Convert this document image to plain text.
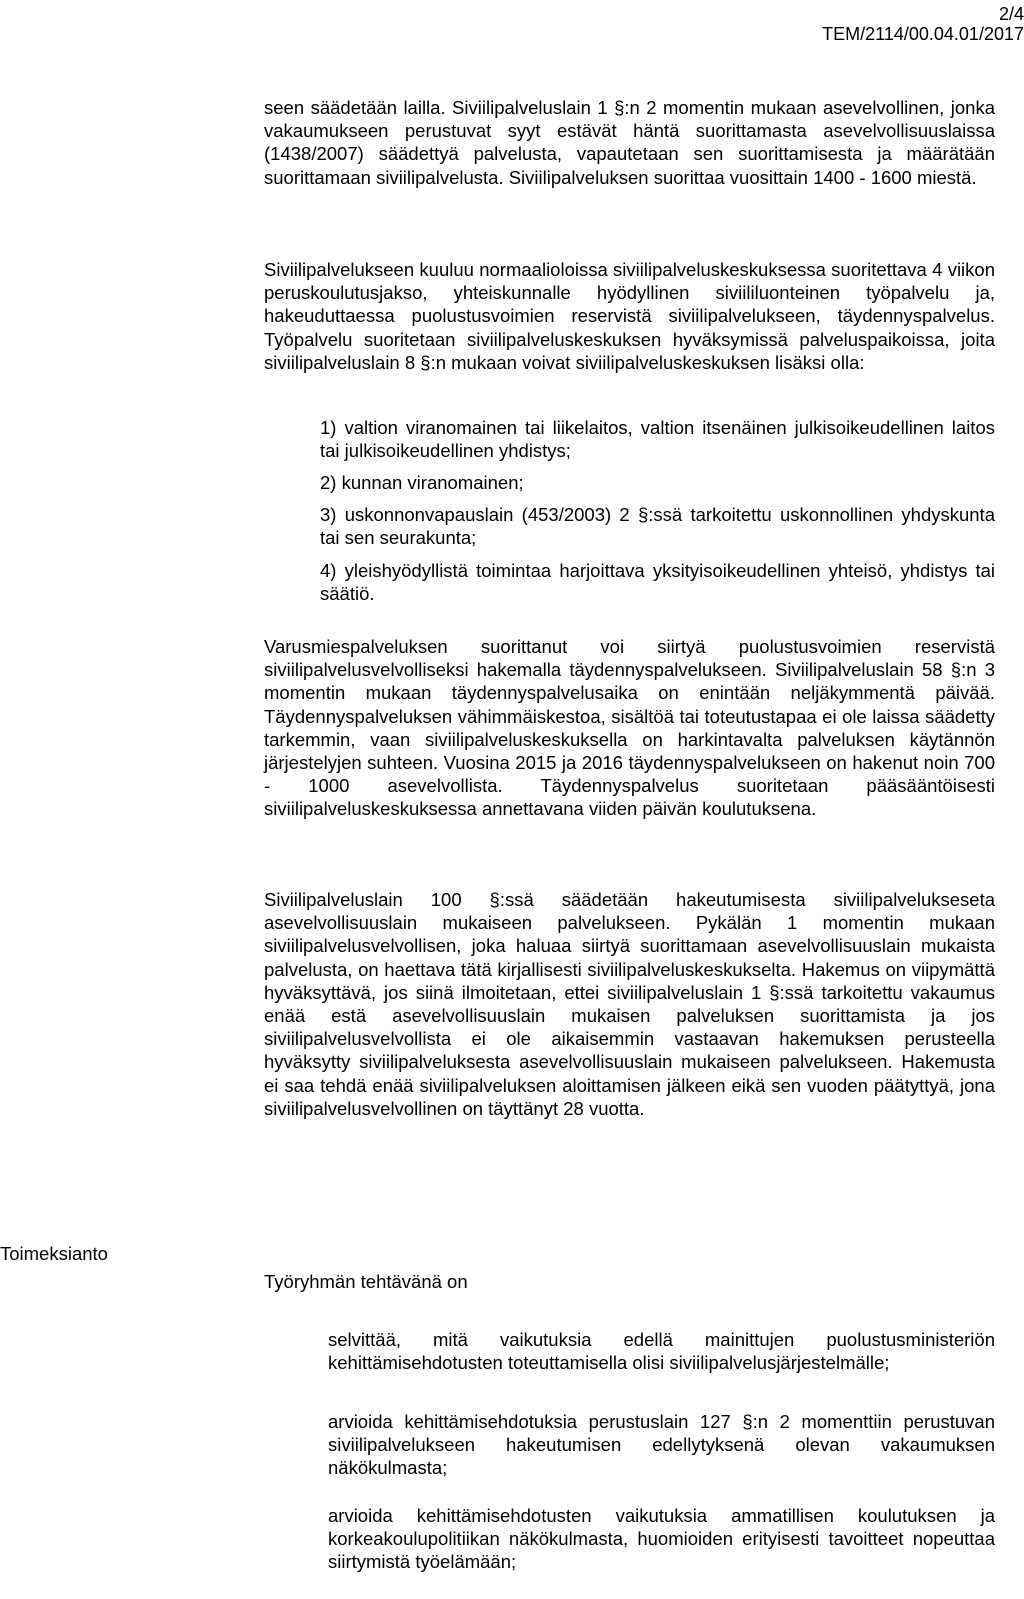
2/4
TEM/2114/00.04.01/2017
Toimeksianto

seen säädetään lailla. Siviilipalveluslain 1 §:n 2 momentin mukaan asevelvollinen, jonka vakaumukseen perustuvat syyt estävät häntä suorittamasta asevelvollisuuslaissa (1438/2007) säädettyä palvelusta, vapautetaan sen suorittamisesta ja määrätään suorittamaan siviilipalvelusta. Siviilipalveluksen suorittaa vuosittain 1400 - 1600 miestä.

Siviilipalvelukseen kuuluu normaalioloissa siviilipalveluskeskuksessa suoritettava 4 viikon peruskoulutusjakso, yhteiskunnalle hyödyllinen siviililuonteinen työpalvelu ja, hakeuduttaessa puolustusvoimien reservistä siviilipalvelukseen, täydennyspalvelus. Työpalvelu suoritetaan siviilipalveluskeskuksen hyväksymissä palveluspaikoissa, joita siviilipalveluslain 8 §:n mukaan voivat siviilipalveluskeskuksen lisäksi olla:

1) valtion viranomainen tai liikelaitos, valtion itsenäinen julkisoikeudellinen laitos tai julkisoikeudellinen yhdistys;

2) kunnan viranomainen;

3) uskonnonvapauslain (453/2003) 2 §:ssä tarkoitettu uskonnollinen yhdyskunta tai sen seurakunta;

4) yleishyödyllistä toimintaa harjoittava yksityisoikeudellinen yhteisö, yhdistys tai säätiö.

Varusmiespalveluksen suorittanut voi siirtyä puolustusvoimien reservistä siviilipalvelusvelvolliseksi hakemalla täydennyspalvelukseen. Siviilipalveluslain 58 §:n 3 momentin mukaan täydennyspalvelusaika on enintään neljäkymmentä päivää. Täydennyspalveluksen vähimmäiskestoa, sisältöä tai toteutustapaa ei ole laissa säädetty tarkemmin, vaan siviilipalveluskeskuksella on harkintavalta palveluksen käytännön järjestelyjen suhteen. Vuosina 2015 ja 2016 täydennyspalvelukseen on hakenut noin 700 - 1000 asevelvollista. Täydennyspalvelus suoritetaan pääsääntöisesti siviilipalveluskeskuksessa annettavana viiden päivän koulutuksena.

Siviilipalveluslain 100 §:ssä säädetään hakeutumisesta siviilipalvelukseseta asevelvollisuuslain mukaiseen palvelukseen. Pykälän 1 momentin mukaan siviilipalvelusvelvollisen, joka haluaa siirtyä suorittamaan asevelvollisuuslain mukaista palvelusta, on haettava tätä kirjallisesti siviilipalveluskeskukselta. Hakemus on viipymättä hyväksyttävä, jos siinä ilmoitetaan, ettei siviilipalveluslain 1 §:ssä tarkoitettu vakaumus enää estä asevelvollisuuslain mukaisen palveluksen suorittamista ja jos siviilipalvelusvelvollista ei ole aikaisemmin vastaavan hakemuksen perusteella hyväksytty siviilipalveluksesta asevelvollisuuslain mukaiseen palvelukseen. Hakemusta ei saa tehdä enää siviilipalveluksen aloittamisen jälkeen eikä sen vuoden päätyttyä, jona siviilipalvelusvelvollinen on täyttänyt 28 vuotta.

Työryhmän tehtävänä on

selvittää, mitä vaikutuksia edellä mainittujen puolustusministeriön kehittämisehdotusten toteuttamisella olisi siviilipalvelusjärjestelmälle;

arvioida kehittämisehdotuksia perustuslain 127 §:n 2 momenttiin perustuvan siviilipalvelukseen hakeutumisen edellytyksenä olevan vakaumuksen näkökulmasta;

arvioida kehittämisehdotusten vaikutuksia ammatillisen koulutuksen ja korkeakoulupolitiikan näkökulmasta, huomioiden erityisesti tavoitteet nopeuttaa siirtymistä työelämään;
